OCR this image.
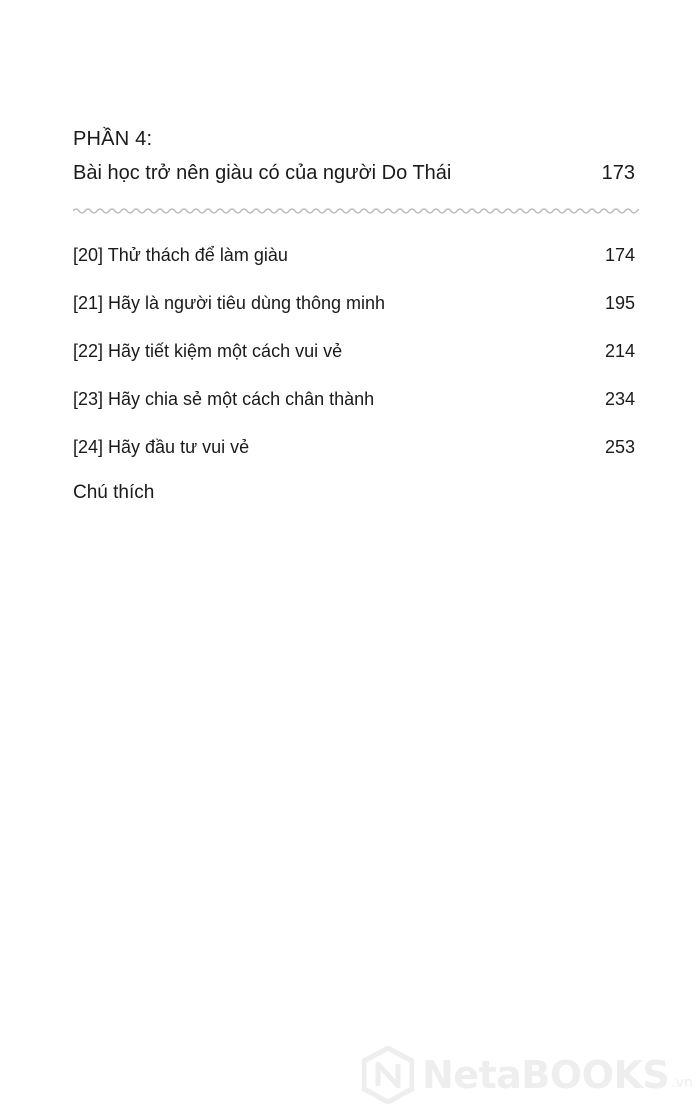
PHẦN 4:
Bài học trở nên giàu có của người Do Thái	173
[20] Thử thách để làm giàu	174
[21] Hãy là người tiêu dùng thông minh	195
[22] Hãy tiết kiệm một cách vui vẻ	214
[23] Hãy chia sẻ một cách chân thành	234
[24] Hãy đầu tư vui vẻ	253
Chú thích
NetaBOOKS .vn
